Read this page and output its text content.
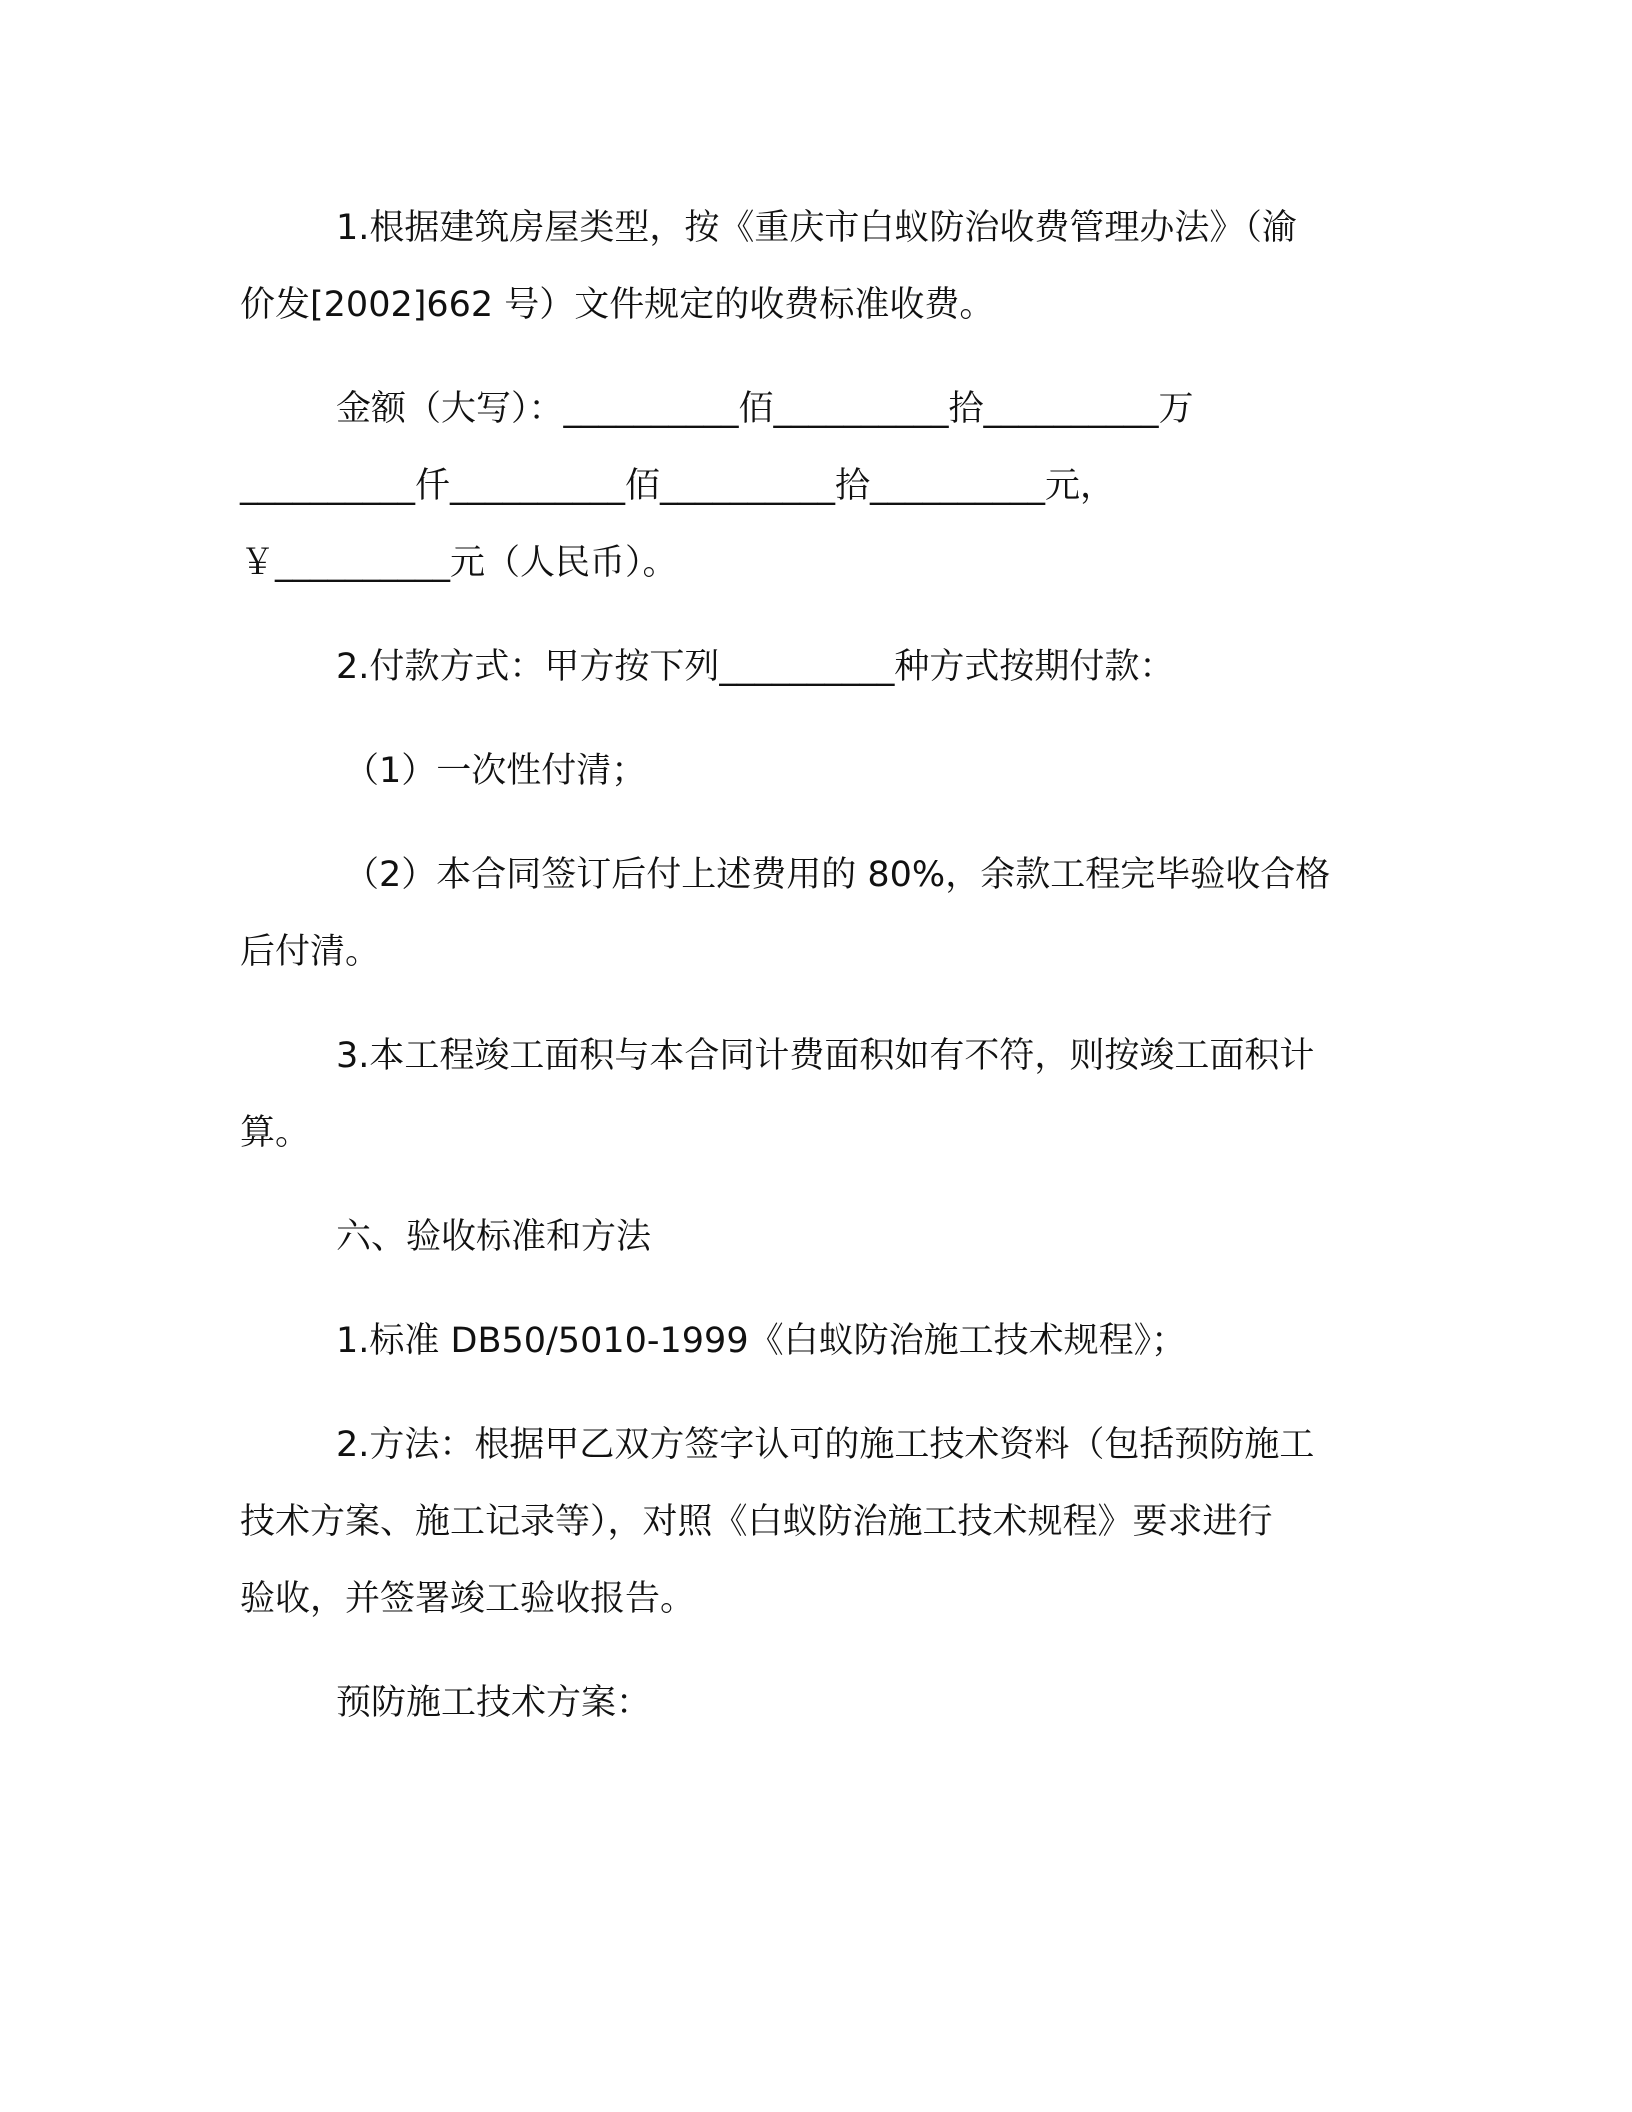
1.根据建筑房屋类型，按《重庆市白蚁防治收费管理办法》（渝
价发[2002]662 号）文件规定的收费标准收费。
金额（大写）：__________佰__________拾__________万
__________仟__________佰__________拾__________元，
￥__________元（人民币）。
2.付款方式：甲方按下列__________种方式按期付款：
（1）一次性付清；
（2）本合同签订后付上述费用的 80%，余款工程完毕验收合格
后付清。
3.本工程竣工面积与本合同计费面积如有不符，则按竣工面积计
算。
六、验收标准和方法
1.标准 DB50/5010-1999《白蚁防治施工技术规程》；
2.方法：根据甲乙双方签字认可的施工技术资料（包括预防施工
技术方案、施工记录等），对照《白蚁防治施工技术规程》要求进行
验收，并签署竣工验收报告。
预防施工技术方案：
